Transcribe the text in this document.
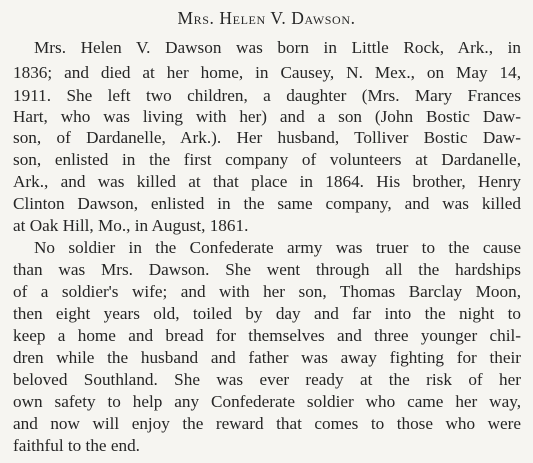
Mrs. Helen V. Dawson.
Mrs. Helen V. Dawson was born in Little Rock, Ark., in
1836; and died at her home, in Causey, N. Mex., on May 14,
1911. She left two children, a daughter (Mrs. Mary Frances
Hart, who was living with her) and a son (John Bostic Daw-
son, of Dardanelle, Ark.). Her husband, Tolliver Bostic Daw-
son, enlisted in the first company of volunteers at Dardanelle,
Ark., and was killed at that place in 1864. His brother, Henry
Clinton Dawson, enlisted in the same company, and was killed
at Oak Hill, Mo., in August, 1861.
No soldier in the Confederate army was truer to the cause
than was Mrs. Dawson. She went through all the hardships
of a soldier's wife; and with her son, Thomas Barclay Moon,
then eight years old, toiled by day and far into the night to
keep a home and bread for themselves and three younger chil-
dren while the husband and father was away fighting for their
beloved Southland. She was ever ready at the risk of her
own safety to help any Confederate soldier who came her way,
and now will enjoy the reward that comes to those who were
faithful to the end.
